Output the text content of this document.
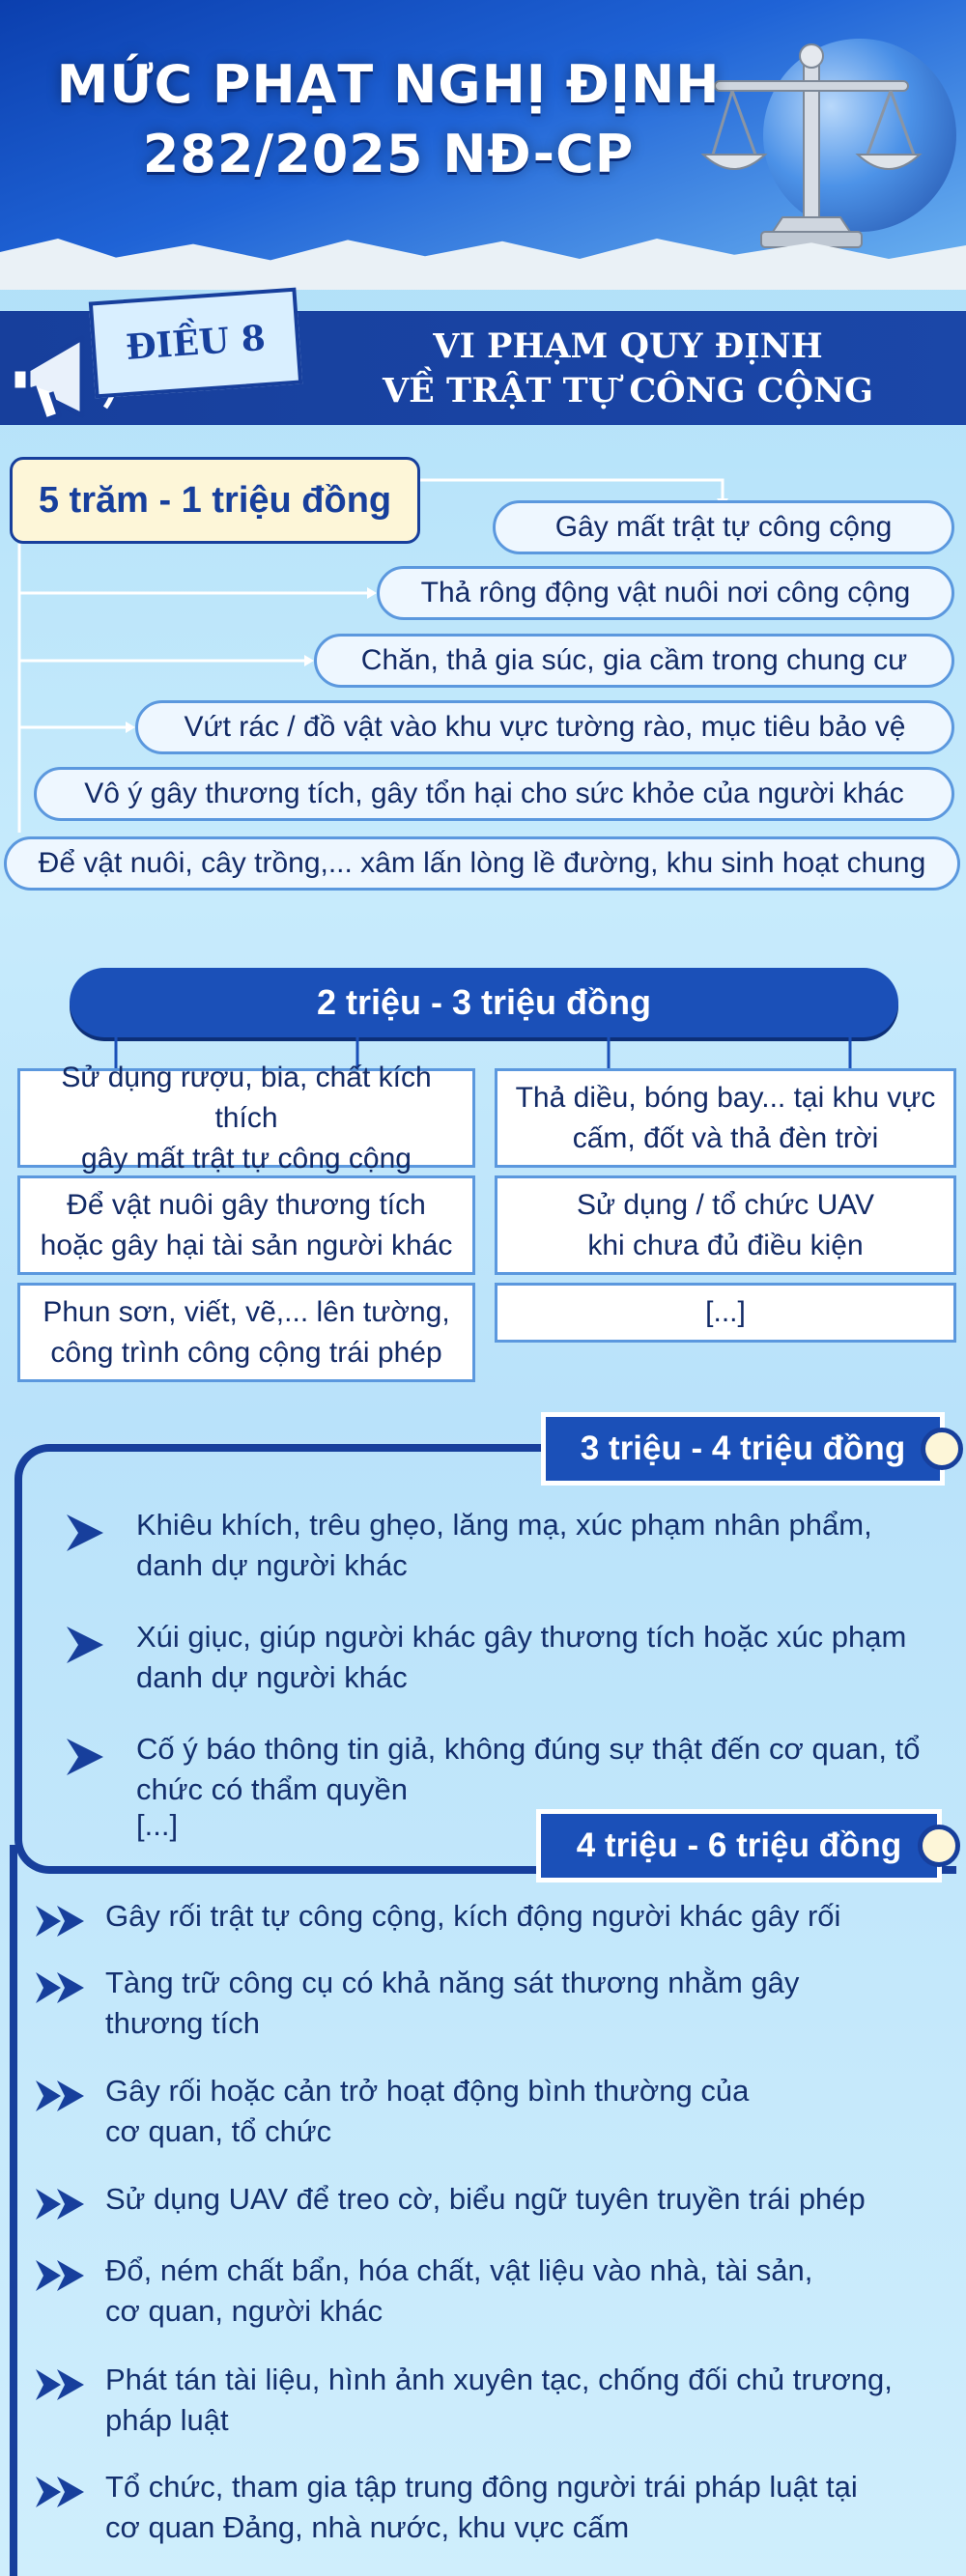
MỨC PHẠT NGHỊ ĐỊNH
282/2025 NĐ-CP
ĐIỀU 8	VI PHẠM QUY ĐỊNH
VỀ TRẬT TỰ CÔNG CỘNG
5 trăm - 1 triệu đồng
Gây mất trật tự công cộng
Thả rông động vật nuôi nơi công cộng
Chăn, thả gia súc, gia cầm trong chung cư
Vứt rác / đồ vật vào khu vực tường rào, mục tiêu bảo vệ
Vô ý gây thương tích, gây tổn hại cho sức khỏe của người khác
Để vật nuôi, cây trồng,... xâm lấn lòng lề đường, khu sinh hoạt chung
2 triệu - 3 triệu đồng
Sử dụng rượu, bia, chất kích thích
gây mất trật tự công cộng
Để vật nuôi gây thương tích
hoặc gây hại tài sản người khác
Phun sơn, viết, vẽ,... lên tường,
công trình công cộng trái phép
Thả diều, bóng bay... tại khu vực
cấm, đốt và thả đèn trời
Sử dụng / tổ chức UAV
khi chưa đủ điều kiện
[...]
3 triệu - 4 triệu đồng
Khiêu khích, trêu ghẹo, lăng mạ, xúc phạm nhân phẩm,
danh dự người khác
Xúi giục, giúp người khác gây thương tích hoặc xúc phạm
danh dự người khác
Cố ý báo thông tin giả, không đúng sự thật đến cơ quan, tổ
chức có thẩm quyền
[...]
4 triệu - 6 triệu đồng
Gây rối trật tự công cộng, kích động người khác gây rối
Tàng trữ công cụ có khả năng sát thương nhằm gây
thương tích
Gây rối hoặc cản trở hoạt động bình thường của
cơ quan, tổ chức
Sử dụng UAV để treo cờ, biểu ngữ tuyên truyền trái phép
Đổ, ném chất bẩn, hóa chất, vật liệu vào nhà, tài sản,
cơ quan, người khác
Phát tán tài liệu, hình ảnh xuyên tạc, chống đối chủ trương,
pháp luật
Tổ chức, tham gia tập trung đông người trái pháp luật tại
cơ quan Đảng, nhà nước, khu vực cấm
